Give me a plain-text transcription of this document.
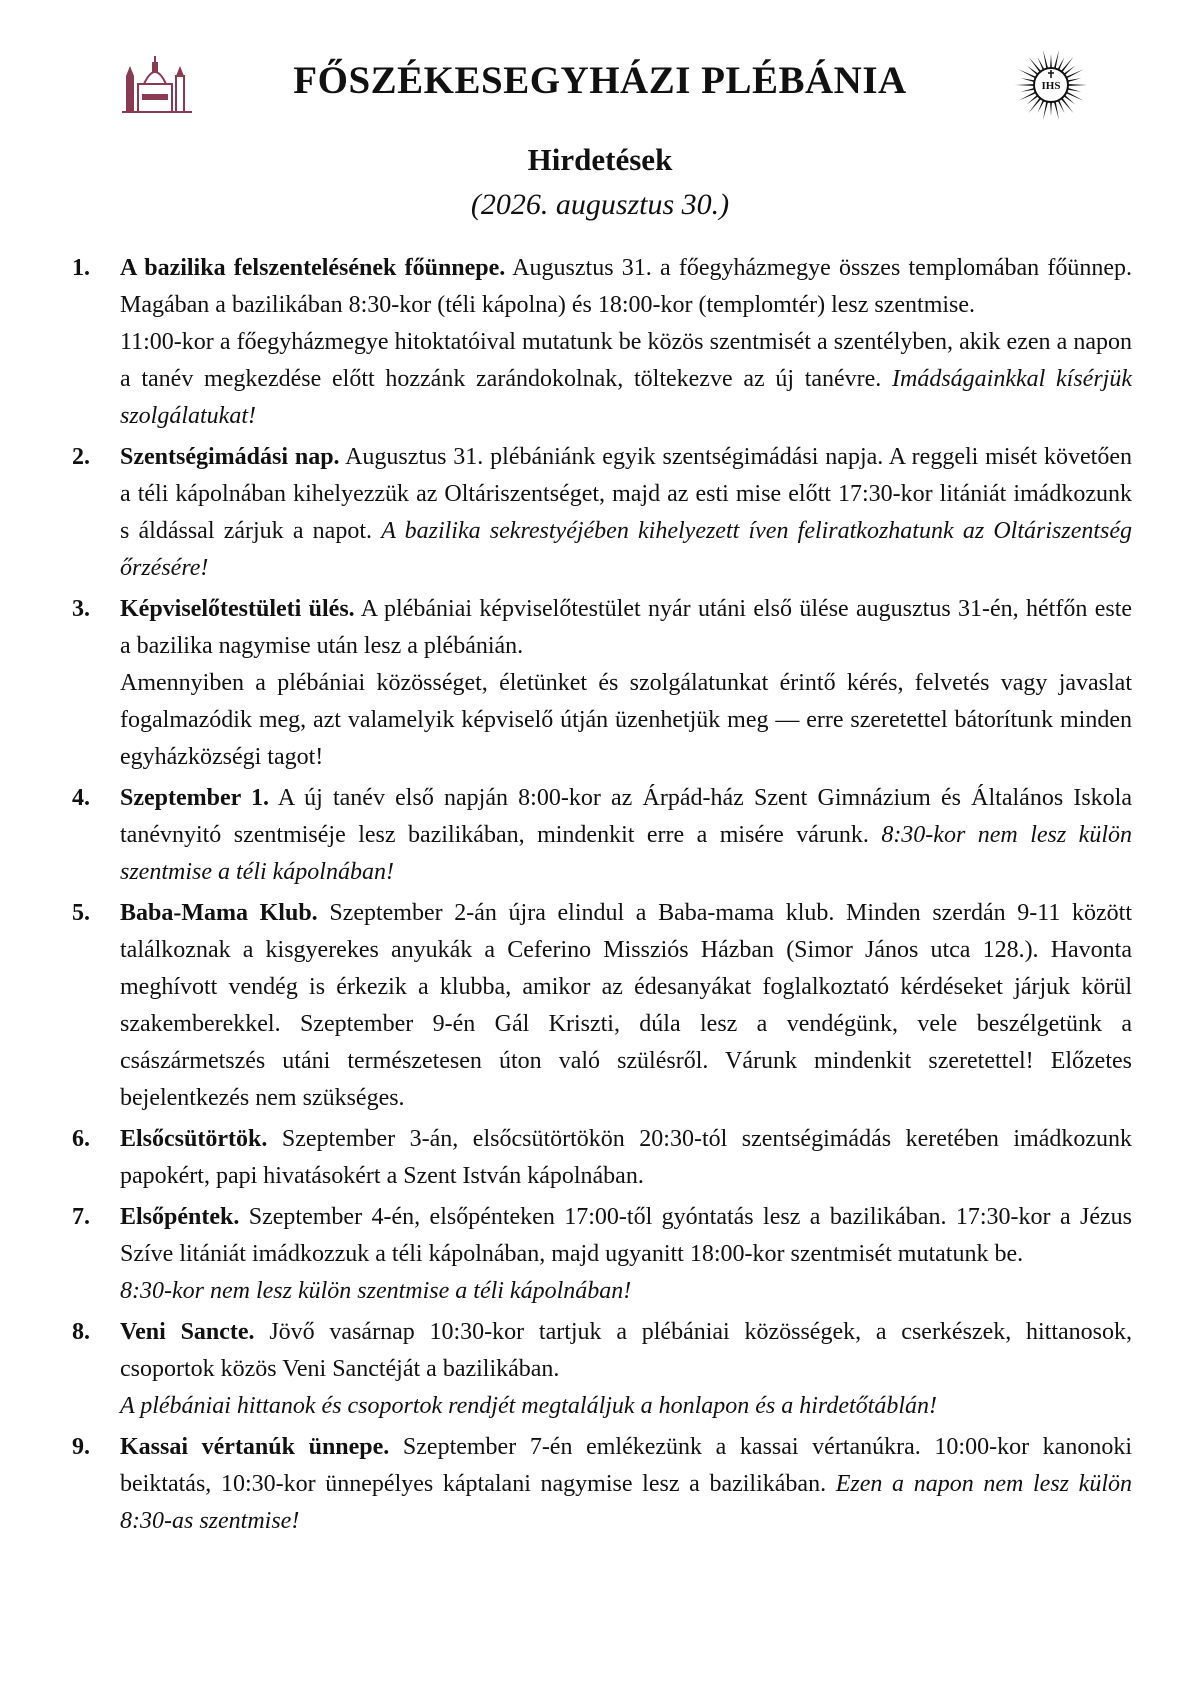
FŐSZÉKESEGYHÁZI PLÉBÁNIA	IHS
Hirdetések
(2026. augusztus 30.)
1. A bazilika felszentelésének főünnepe. Augusztus 31. a főegyházmegye összes templomában főünnep. Magában a bazilikában 8:30-kor (téli kápolna) és 18:00-kor (templomtér) lesz szentmise.

11:00-kor a főegyházmegye hitoktatóival mutatunk be közös szentmisét a szentélyben, akik ezen a napon a tanév megkezdése előtt hozzánk zarándokolnak, töltekezve az új tanévre. Imádságainkkal kísérjük szolgálatukat!

2. Szentségimádási nap. Augusztus 31. plébániánk egyik szentségimádási napja. A reggeli misét követően a téli kápolnában kihelyezzük az Oltáriszentséget, majd az esti mise előtt 17:30-kor litániát imádkozunk s áldással zárjuk a napot. A bazilika sekrestyéjében kihelyezett íven feliratkozhatunk az Oltáriszentség őrzésére!

3. Képviselőtestületi ülés. A plébániai képviselőtestület nyár utáni első ülése augusztus 31-én, hétfőn este a bazilika nagymise után lesz a plébánián.

Amennyiben a plébániai közösséget, életünket és szolgálatunkat érintő kérés, felvetés vagy javaslat fogalmazódik meg, azt valamelyik képviselő útján üzenhetjük meg — erre szeretettel bátorítunk minden egyházközségi tagot!

4. Szeptember 1. A új tanév első napján 8:00-kor az Árpád-ház Szent Gimnázium és Általános Iskola tanévnyitó szentmiséje lesz bazilikában, mindenkit erre a misére várunk. 8:30-kor nem lesz külön szentmise a téli kápolnában!

5. Baba-Mama Klub. Szeptember 2-án újra elindul a Baba-mama klub. Minden szerdán 9-11 között találkoznak a kisgyerekes anyukák a Ceferino Missziós Házban (Simor János utca 128.). Havonta meghívott vendég is érkezik a klubba, amikor az édesanyákat foglalkoztató kérdéseket járjuk körül szakemberekkel. Szeptember 9-én Gál Kriszti, dúla lesz a vendégünk, vele beszélgetünk a császármetszés utáni természetesen úton való szülésről. Várunk mindenkit szeretettel! Előzetes bejelentkezés nem szükséges.

6. Elsőcsütörtök. Szeptember 3-án, elsőcsütörtökön 20:30-tól szentségimádás keretében imádkozunk papokért, papi hivatásokért a Szent István kápolnában.

7. Elsőpéntek. Szeptember 4-én, elsőpénteken 17:00-től gyóntatás lesz a bazilikában. 17:30-kor a Jézus Szíve litániát imádkozzuk a téli kápolnában, majd ugyanitt 18:00-kor szentmisét mutatunk be.

8:30-kor nem lesz külön szentmise a téli kápolnában!

8. Veni Sancte. Jövő vasárnap 10:30-kor tartjuk a plébániai közösségek, a cserkészek, hittanosok, csoportok közös Veni Sanctéját a bazilikában.

A plébániai hittanok és csoportok rendjét megtaláljuk a honlapon és a hirdetőtáblán!

9. Kassai vértanúk ünnepe. Szeptember 7-én emlékezünk a kassai vértanúkra. 10:00-kor kanonoki beiktatás, 10:30-kor ünnepélyes káptalani nagymise lesz a bazilikában. Ezen a napon nem lesz külön 8:30-as szentmise!
